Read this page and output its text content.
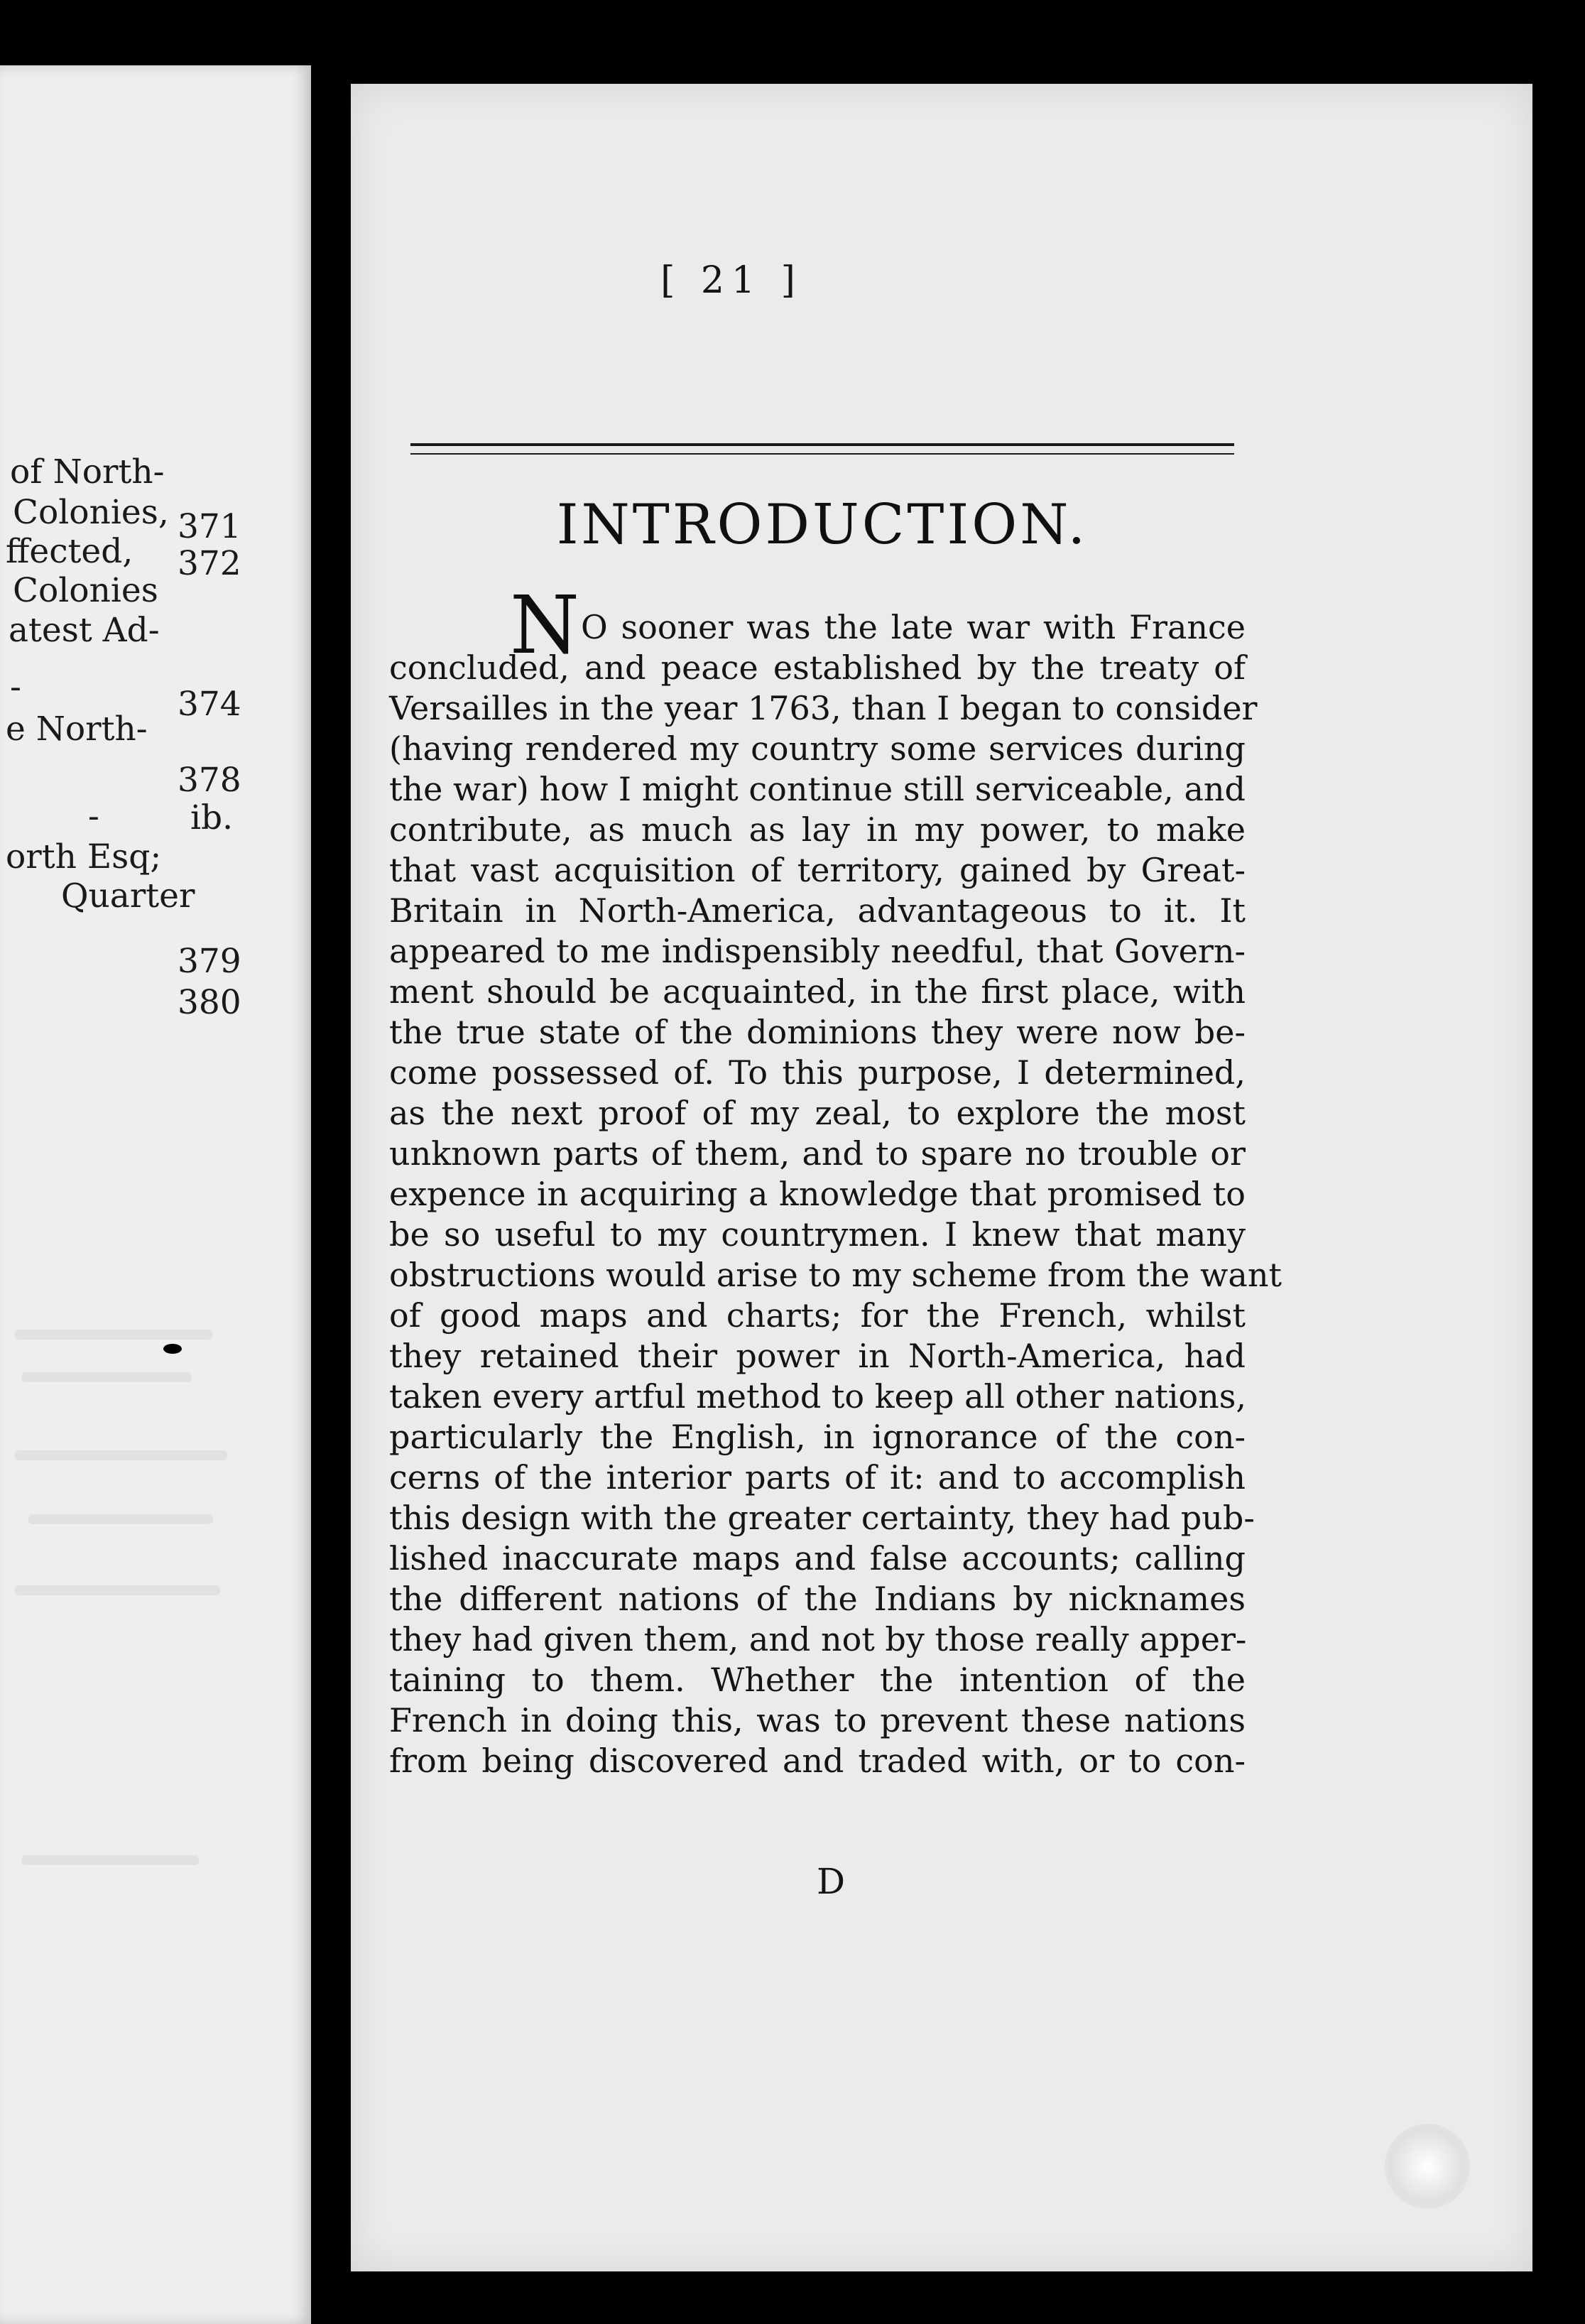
of North-
Colonies,
ffected,
Colonies
atest Ad-
-
e North-
-
orth Esq;
Quarter
371
372
374
378
ib.
379
380
[ 21 ]
INTRODUCTION.
N O sooner was the late war with France
concluded, and peace established by the treaty of
Versailles in the year 1763, than I began to consider
(having rendered my country some services during
the war) how I might continue still serviceable, and
contribute, as much as lay in my power, to make
that vast acquisition of territory, gained by Great-
Britain in North-America, advantageous to it. It
appeared to me indispensibly needful, that Govern-
ment should be acquainted, in the first place, with
the true state of the dominions they were now be-
come possessed of. To this purpose, I determined,
as the next proof of my zeal, to explore the most
unknown parts of them, and to spare no trouble or
expence in acquiring a knowledge that promised to
be so useful to my countrymen. I knew that many
obstructions would arise to my scheme from the want
of good maps and charts; for the French, whilst
they retained their power in North-America, had
taken every artful method to keep all other nations,
particularly the English, in ignorance of the con-
cerns of the interior parts of it: and to accomplish
this design with the greater certainty, they had pub-
lished inaccurate maps and false accounts; calling
the different nations of the Indians by nicknames
they had given them, and not by those really apper-
taining to them. Whether the intention of the
French in doing this, was to prevent these nations
from being discovered and traded with, or to con-
D
